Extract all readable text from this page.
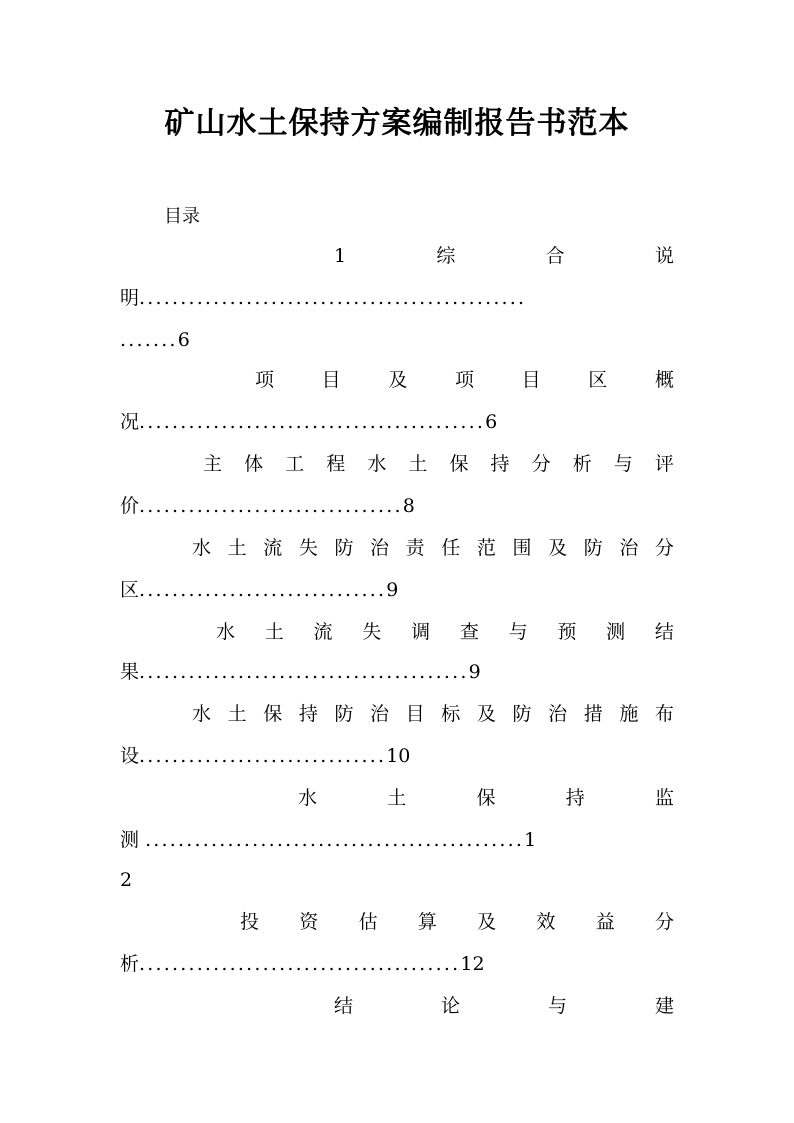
矿山水土保持方案编制报告书范本
目录
1	综	合	说
明...............................................
.......6
项	目	及	项	目	区	概
况..........................................6
主 体 工 程 水 土 保 持 分 析 与 评
价................................8
水 土 流 失 防 治 责 任 范 围 及 防 治 分
区..............................9
水 土 流 失 调 查 与 预 测 结
果........................................9
水 土 保 持 防 治 目 标 及 防 治 措 施 布
设..............................10
水	土	保	持	监
测 ..............................................1
2
投 资 估 算 及 效 益 分
析.......................................12
结	论	与	建
